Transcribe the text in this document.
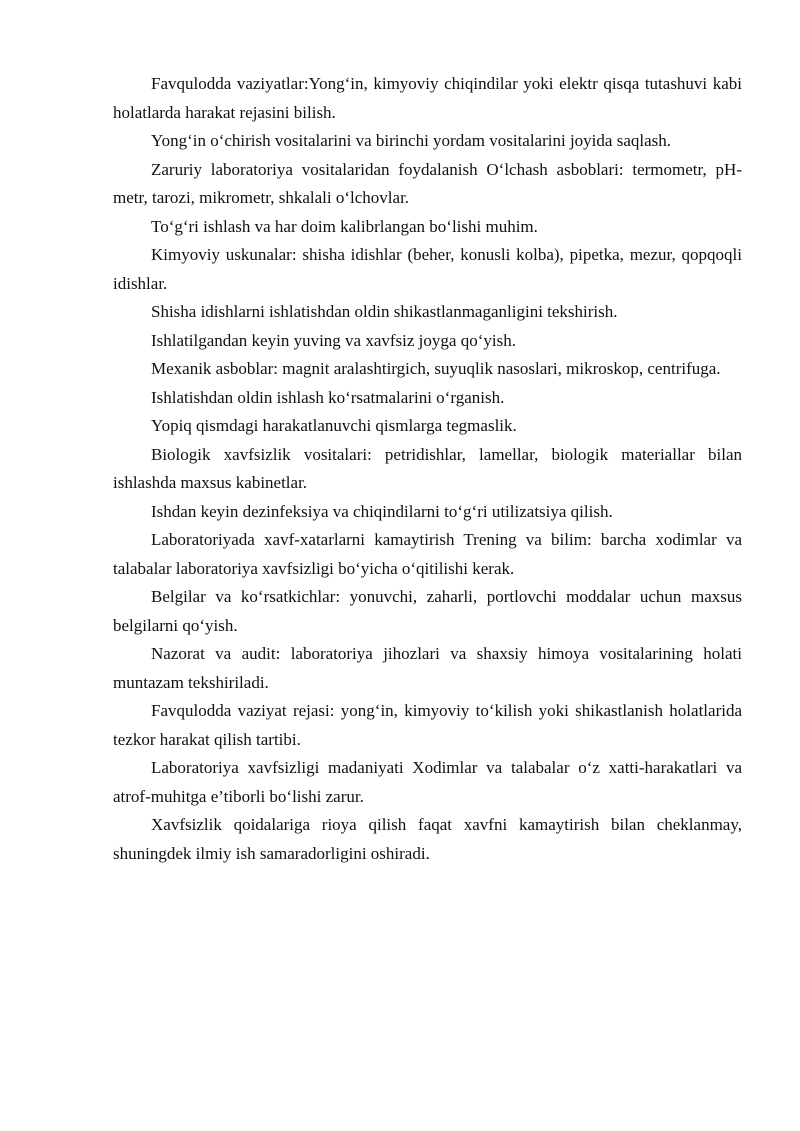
Favqulodda vaziyatlar:Yong‘in, kimyoviy chiqindilar yoki elektr qisqa tutashuvi kabi holatlarda harakat rejasini bilish.

Yong‘in o‘chirish vositalarini va birinchi yordam vositalarini joyida saqlash.

Zaruriy laboratoriya vositalaridan foydalanish O‘lchash asboblari: termometr, pH-metr, tarozi, mikrometr, shkalali o‘lchovlar.

To‘g‘ri ishlash va har doim kalibrlangan bo‘lishi muhim.

Kimyoviy uskunalar: shisha idishlar (beher, konusli kolba), pipetka, mezur, qopqoqli idishlar.

Shisha idishlarni ishlatishdan oldin shikastlanmaganligini tekshirish.

Ishlatilgandan keyin yuving va xavfsiz joyga qo‘yish.

Mexanik asboblar: magnit aralashtirgich, suyuqlik nasoslari, mikroskop, centrifuga.

Ishlatishdan oldin ishlash ko‘rsatmalarini o‘rganish.

Yopiq qismdagi harakatlanuvchi qismlarga tegmaslik.

Biologik xavfsizlik vositalari: petridishlar, lamellar, biologik materiallar bilan ishlashda maxsus kabinetlar.

Ishdan keyin dezinfeksiya va chiqindilarni to‘g‘ri utilizatsiya qilish.

Laboratoriyada xavf-xatarlarni kamaytirish Trening va bilim: barcha xodimlar va talabalar laboratoriya xavfsizligi bo‘yicha o‘qitilishi kerak.

Belgilar va ko‘rsatkichlar: yonuvchi, zaharli, portlovchi moddalar uchun maxsus belgilarni qo‘yish.

Nazorat va audit: laboratoriya jihozlari va shaxsiy himoya vositalarining holati muntazam tekshiriladi.

Favqulodda vaziyat rejasi: yong‘in, kimyoviy to‘kilish yoki shikastlanish holatlarida tezkor harakat qilish tartibi.

Laboratoriya xavfsizligi madaniyati Xodimlar va talabalar o‘z xatti-harakatlari va atrof-muhitga e’tiborli bo‘lishi zarur.

Xavfsizlik qoidalariga rioya qilish faqat xavfni kamaytirish bilan cheklanmay, shuningdek ilmiy ish samaradorligini oshiradi.
